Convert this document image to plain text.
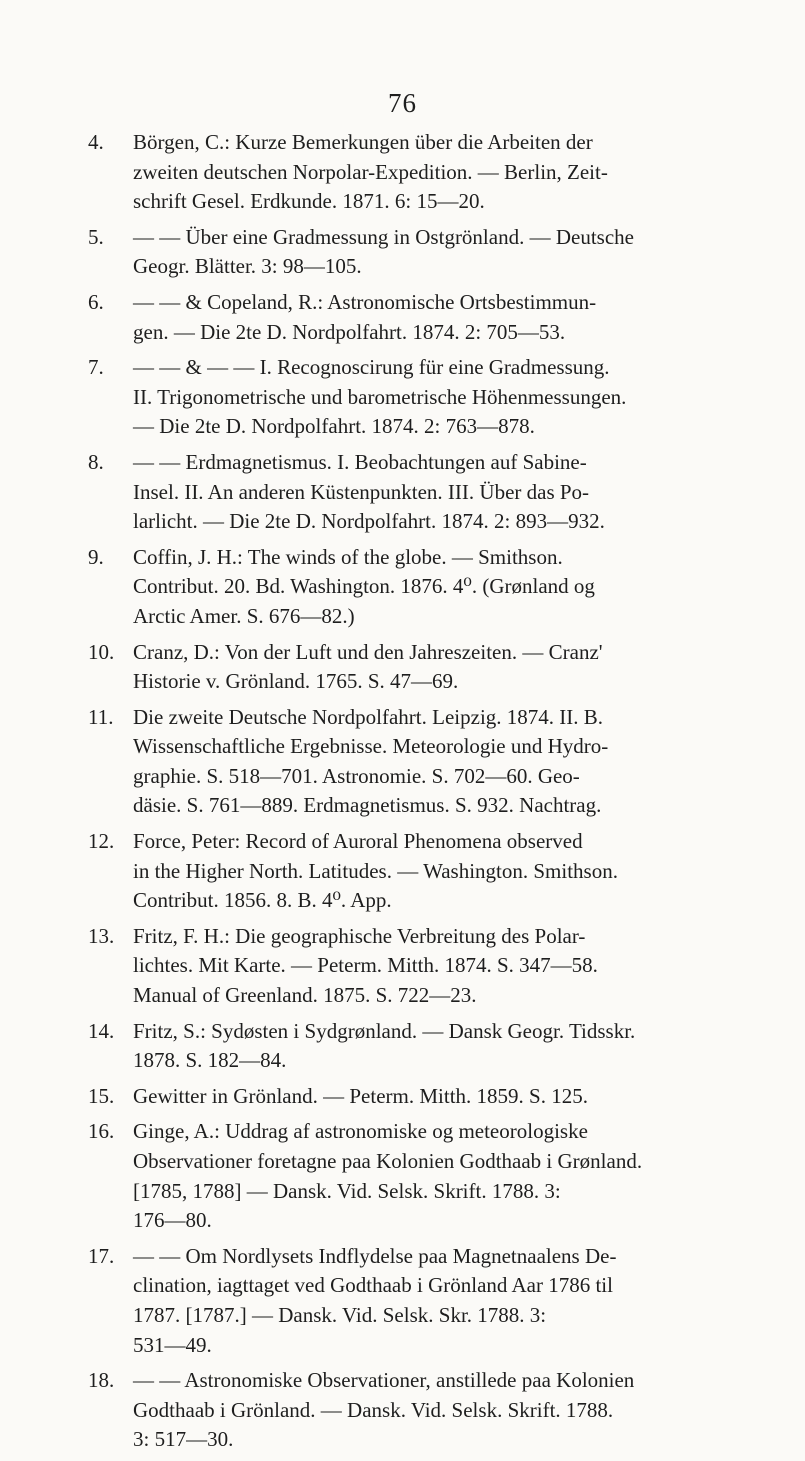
76
4.	Börgen, C.: Kurze Bemerkungen über die Arbeiten der
zweiten deutschen Norpolar-Expedition. — Berlin, Zeit-
schrift Gesel. Erdkunde. 1871. 6: 15—20.
5.	— — Über eine Gradmessung in Ostgrönland. — Deutsche
Geogr. Blätter. 3: 98—105.
6.	— — & Copeland, R.: Astronomische Ortsbestimmun-
gen. — Die 2te D. Nordpolfahrt. 1874. 2: 705—53.
7.	— — & — — I. Recognoscirung für eine Gradmessung.
II. Trigonometrische und barometrische Höhenmessungen.
— Die 2te D. Nordpolfahrt. 1874. 2: 763—878.
8.	— — Erdmagnetismus. I. Beobachtungen auf Sabine-
Insel. II. An anderen Küstenpunkten. III. Über das Po-
larlicht. — Die 2te D. Nordpolfahrt. 1874. 2: 893—932.
9.	Coffin, J. H.: The winds of the globe. — Smithson.
Contribut. 20. Bd. Washington. 1876. 4⁰. (Grønland og
Arctic Amer. S. 676—82.)
10. Cranz, D.: Von der Luft und den Jahreszeiten. — Cranz'
Historie v. Grönland. 1765. S. 47—69.
11. Die zweite Deutsche Nordpolfahrt. Leipzig. 1874. II. B.
Wissenschaftliche Ergebnisse. Meteorologie und Hydro-
graphie. S. 518—701. Astronomie. S. 702—60. Geo-
däsie. S. 761—889. Erdmagnetismus. S. 932. Nachtrag.
12. Force, Peter: Record of Auroral Phenomena observed
in the Higher North. Latitudes. — Washington. Smithson.
Contribut. 1856. 8. B. 4⁰. App.
13. Fritz, F. H.: Die geographische Verbreitung des Polar-
lichtes. Mit Karte. — Peterm. Mitth. 1874. S. 347—58.
Manual of Greenland. 1875. S. 722—23.
14. Fritz, S.: Sydøsten i Sydgrønland. — Dansk Geogr. Tidsskr.
1878. S. 182—84.
15. Gewitter in Grönland. — Peterm. Mitth. 1859. S. 125.
16. Ginge, A.: Uddrag af astronomiske og meteorologiske
Observationer foretagne paa Kolonien Godthaab i Grønland.
[1785, 1788] — Dansk. Vid. Selsk. Skrift. 1788. 3:
176—80.
17. — — Om Nordlysets Indflydelse paa Magnetnaalens De-
clination, iagttaget ved Godthaab i Grönland Aar 1786 til
1787. [1787.] — Dansk. Vid. Selsk. Skr. 1788. 3:
531—49.
18. — — Astronomiske Observationer, anstillede paa Kolonien
Godthaab i Grönland. — Dansk. Vid. Selsk. Skrift. 1788.
3: 517—30.
